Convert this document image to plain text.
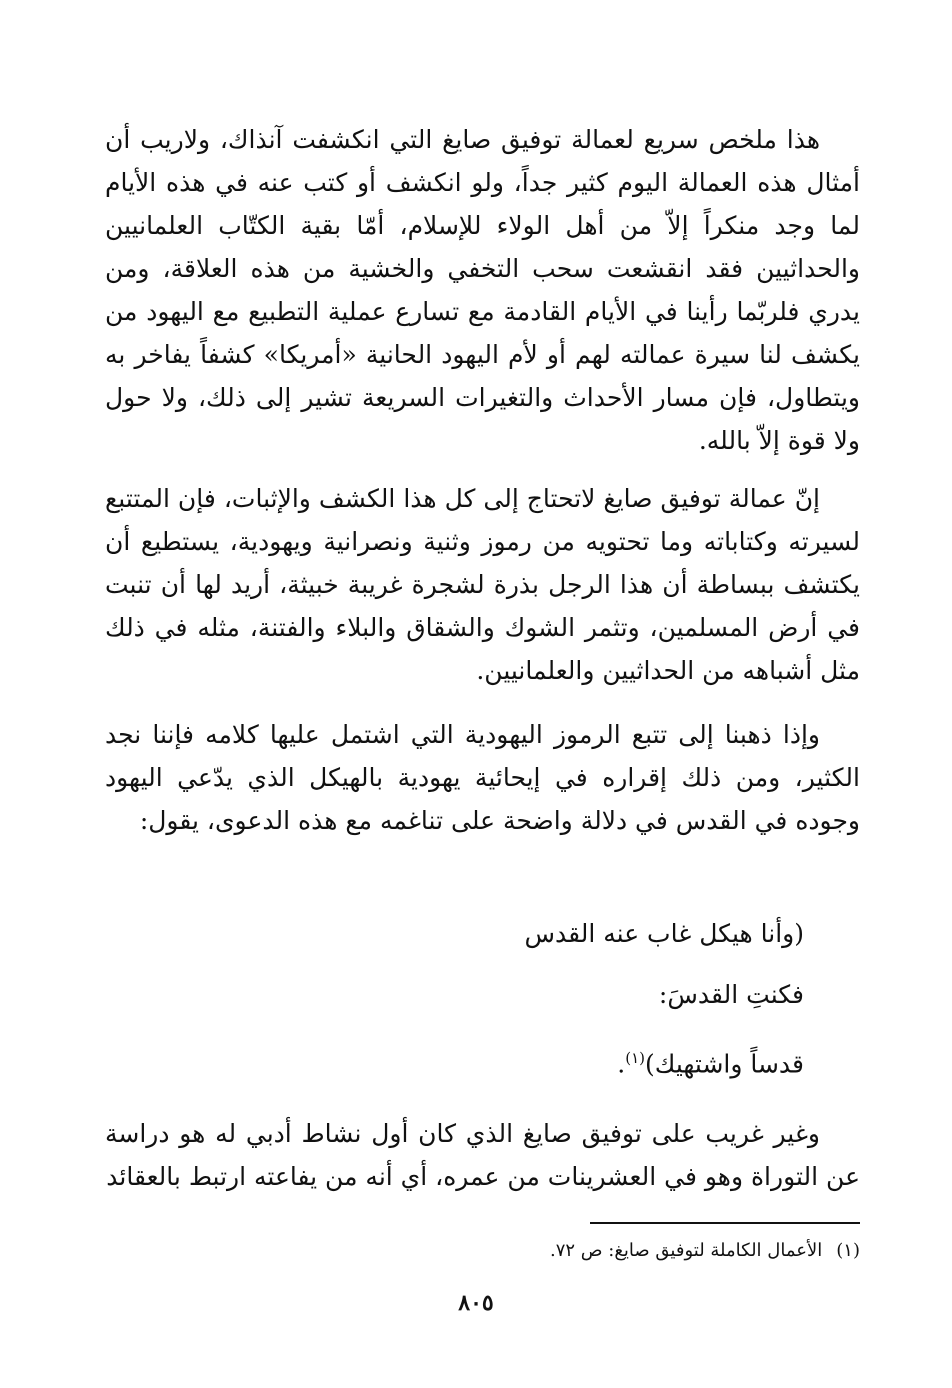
هذا ملخص سريع لعمالة توفيق صايغ التي انكشفت آنذاك، ولاريب أن أمثال هذه العمالة اليوم كثير جداً، ولو انكشف أو كتب عنه في هذه الأيام لما وجد منكراً إلاّ من أهل الولاء للإسلام، أمّا بقية الكتّاب العلمانيين والحداثيين فقد انقشعت سحب التخفي والخشية من هذه العلاقة، ومن يدري فلربّما رأينا في الأيام القادمة مع تسارع عملية التطبيع مع اليهود من يكشف لنا سيرة عمالته لهم أو لأم اليهود الحانية «أمريكا» كشفاً يفاخر به ويتطاول، فإن مسار الأحداث والتغيرات السريعة تشير إلى ذلك، ولا حول ولا قوة إلاّ بالله.

إنّ عمالة توفيق صايغ لاتحتاج إلى كل هذا الكشف والإثبات، فإن المتتبع لسيرته وكتاباته وما تحتويه من رموز وثنية ونصرانية ويهودية، يستطيع أن يكتشف ببساطة أن هذا الرجل بذرة لشجرة غريبة خبيثة، أريد لها أن تنبت في أرض المسلمين، وتثمر الشوك والشقاق والبلاء والفتنة، مثله في ذلك مثل أشباهه من الحداثيين والعلمانيين.

وإذا ذهبنا إلى تتبع الرموز اليهودية التي اشتمل عليها كلامه فإننا نجد الكثير، ومن ذلك إقراره في إيحائية يهودية بالهيكل الذي يدّعي اليهود وجوده في القدس في دلالة واضحة على تناغمه مع هذه الدعوى، يقول:

(وأنا هيكل غاب عنه القدس

فكنتِ القدسَ:

قدساً واشتهيك)$^{(١)}$.

وغير غريب على توفيق صايغ الذي كان أول نشاط أدبي له هو دراسة عن التوراة وهو في العشرينات من عمره، أي أنه من يفاعته ارتبط بالعقائد

(١)الأعمال الكاملة لتوفيق صايغ: ص ٧٢.

٨٠٥
